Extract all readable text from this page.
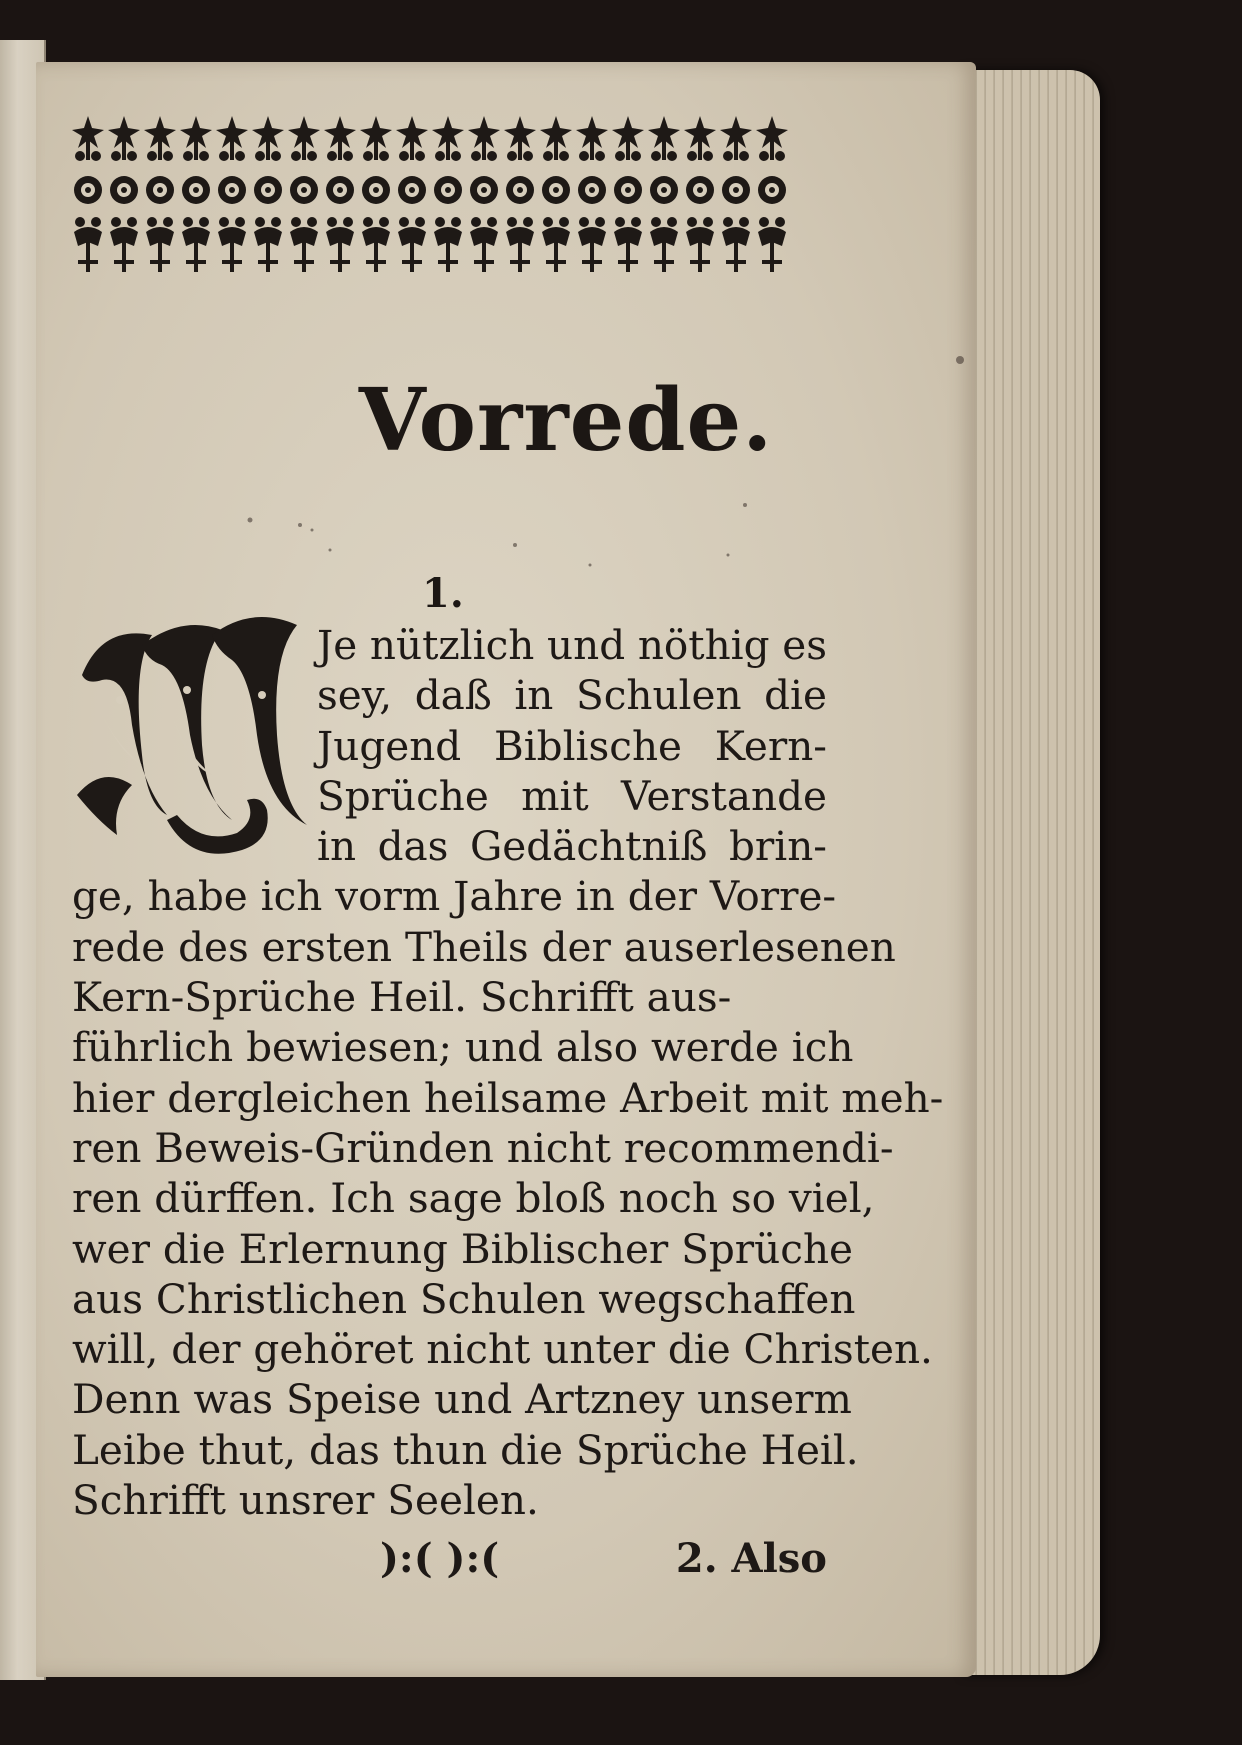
Vorrede.
1.
W
Je nützlich und nöthig es
sey, daß in Schulen die
Jugend Biblische Kern-
Sprüche mit Verstande
in das Gedächtniß brin-
ge, habe ich vorm Jahre in der Vorre-
rede des ersten Theils der auserlesenen
Kern-Sprüche Heil. Schrifft aus-
führlich bewiesen; und also werde ich
hier dergleichen heilsame Arbeit mit meh-
ren Beweis-Gründen nicht recommendi-
ren dürffen. Ich sage bloß noch so viel,
wer die Erlernung Biblischer Sprüche
aus Christlichen Schulen wegschaffen
will, der gehöret nicht unter die Christen.
Denn was Speise und Artzney unserm
Leibe thut, das thun die Sprüche Heil.
Schrifft unsrer Seelen.
):( ):(	2. Also
